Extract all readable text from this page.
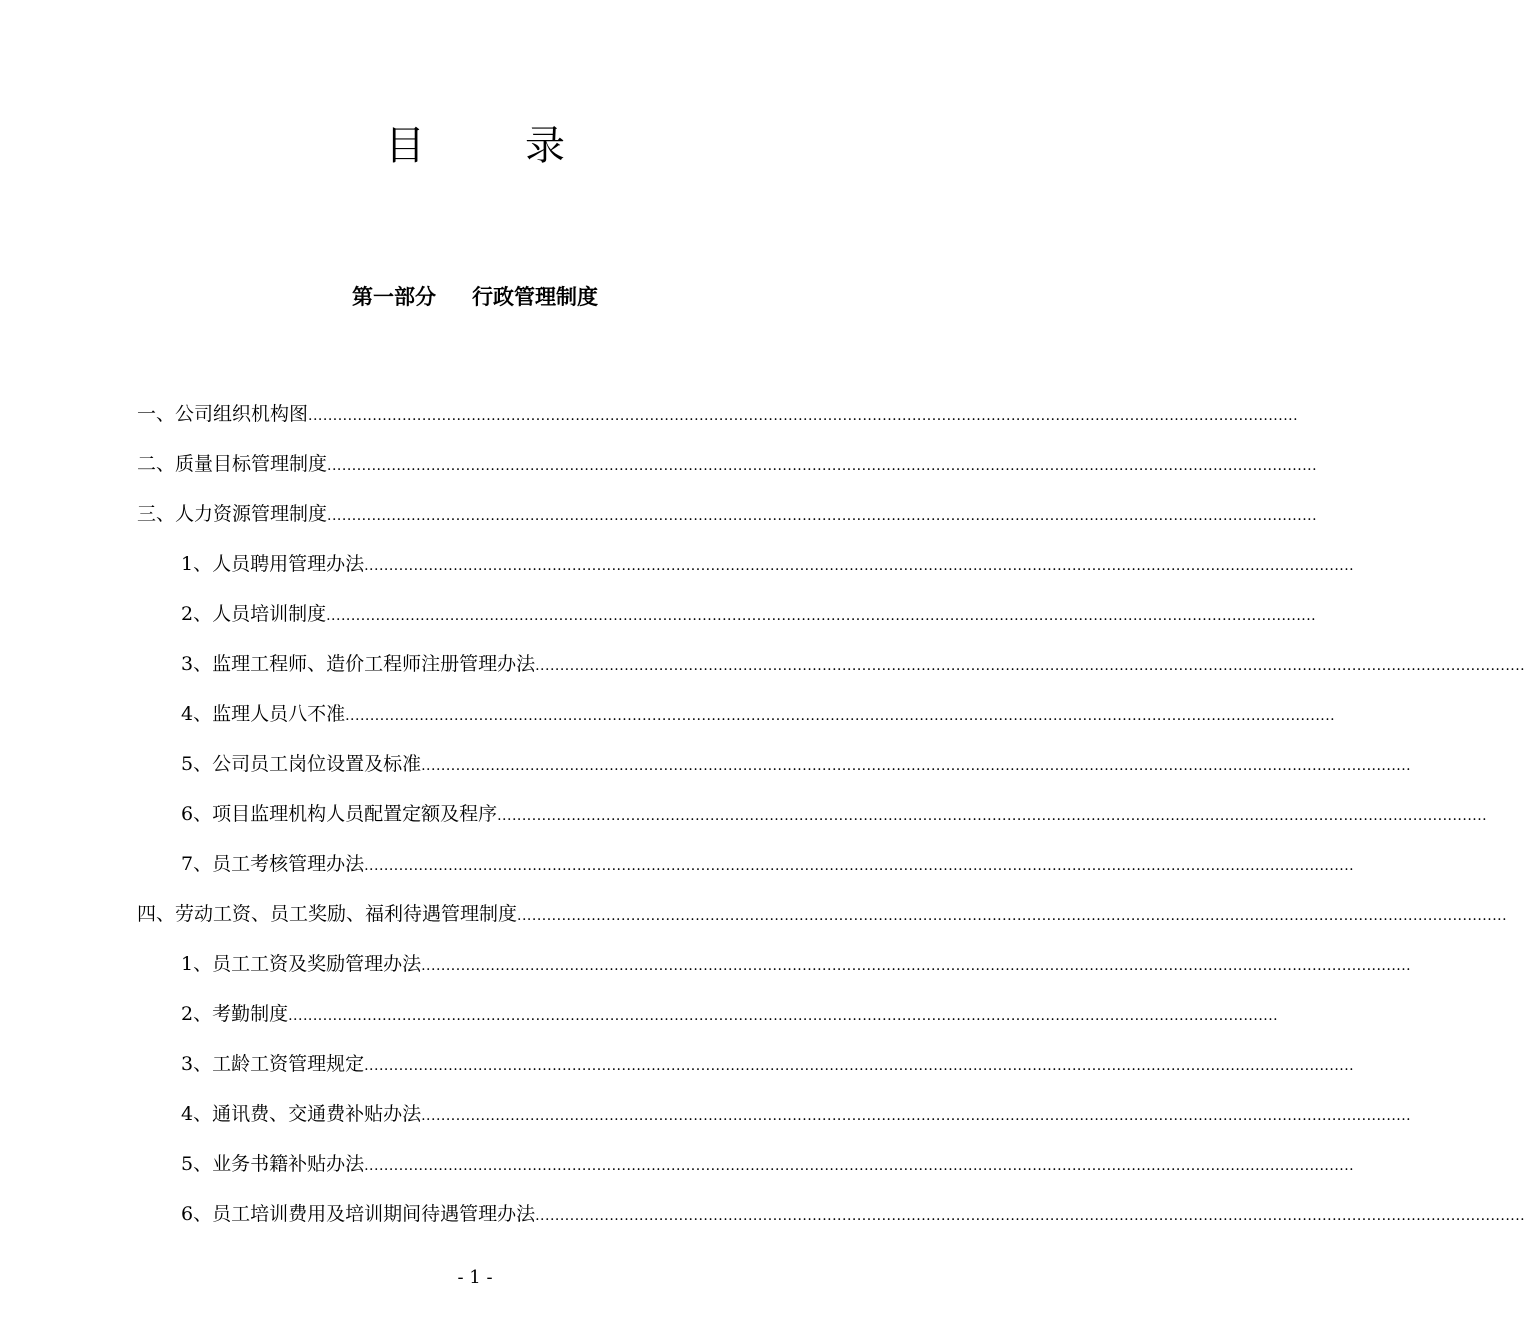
目	录
第一部分 行政管理制度
一、公司组织机构图 ........................................................................................................................................................................................................
二、质量目标管理制度 ........................................................................................................................................................................................................
三、人力资源管理制度 ........................................................................................................................................................................................................
1、人员聘用管理办法 ........................................................................................................................................................................................................
2、人员培训制度 ........................................................................................................................................................................................................
3、监理工程师、造价工程师注册管理办法 ........................................................................................................................................................................................................
4、监理人员八不准 ........................................................................................................................................................................................................
5、公司员工岗位设置及标准 ........................................................................................................................................................................................................
6、项目监理机构人员配置定额及程序 ........................................................................................................................................................................................................
7、员工考核管理办法 ........................................................................................................................................................................................................
四、劳动工资、员工奖励、福利待遇管理制度 ........................................................................................................................................................................................................
1、员工工资及奖励管理办法 ........................................................................................................................................................................................................
2、考勤制度 ........................................................................................................................................................................................................
3、工龄工资管理规定 ........................................................................................................................................................................................................
4、通讯费、交通费补贴办法 ........................................................................................................................................................................................................
5、业务书籍补贴办法 ........................................................................................................................................................................................................
6、员工培训费用及培训期间待遇管理办法 ........................................................................................................................................................................................................
- 1 -
